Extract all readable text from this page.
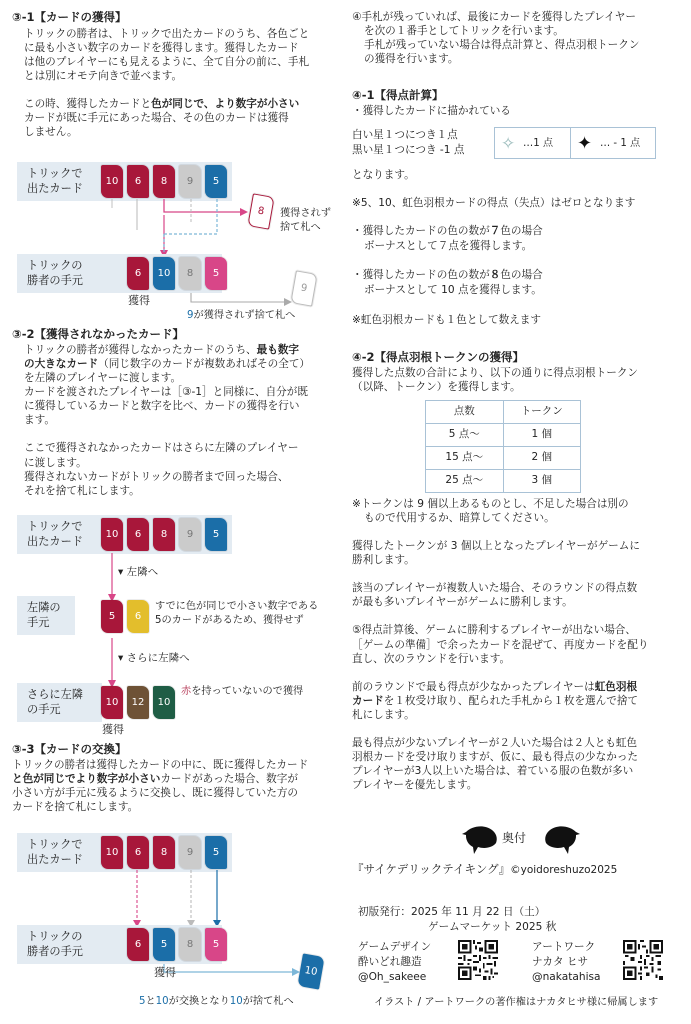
③-1【カードの獲得】
トリックの勝者は、トリックで出たカードのうち、各色ごと
に最も小さい数字のカードを獲得します。獲得したカード
は他のプレイヤーにも見えるように、全て自分の前に、手札
とは別にオモテ向きで並べます。
この時、獲得したカードと色が同じで、より数字が小さい
カードが既に手元にあった場合、その色のカードは獲得
しません。
トリックで
出たカード
10	6	8	9	5
8	獲得されず
捨て札へ
トリックの
勝者の手元
6	10	8	5
獲得
9
9が獲得されず捨て札へ
③-2【獲得されなかったカード】
トリックの勝者が獲得しなかったカードのうち、最も数字
の大きなカード（同じ数字のカードが複数あればその全て）
を左隣のプレイヤーに渡します。
カードを渡されたプレイヤーは［③-1］と同様に、自分が既
に獲得しているカードと数字を比べ、カードの獲得を行い
ます。
ここで獲得されなかったカードはさらに左隣のプレイヤー
に渡します。
獲得されないカードがトリックの勝者まで回った場合、
それを捨て札にします。
トリックで
出たカード
10	6	8	9	5
▾ 左隣へ
左隣の
手元	5	6
すでに色が同じで小さい数字である
5のカードがあるため、獲得せず
▾ さらに左隣へ
さらに左隣
の手元
10	12	10
赤を持っていないので獲得
獲得
③-3【カードの交換】
トリックの勝者は獲得したカードの中に、既に獲得したカード
と色が同じでより数字が小さいカードがあった場合、数字が
小さい方が手元に残るように交換し、既に獲得していた方の
カードを捨て札にします。
トリックで
出たカード
10	6	8	9	5
トリックの
勝者の手元
6	5	8	5
獲得	10
5と10が交換となり10が捨て札へ
④手札が残っていれば、最後にカードを獲得したプレイヤー
を次の１番手としてトリックを行います。
手札が残っていない場合は得点計算と、得点羽根トークン
の獲得を行います。
④-1【得点計算】
・獲得したカードに描かれている
白い星１つにつき１点
黒い星１つにつき -1 点 ✧ …1 点 ✦ … - 1 点
となります。
※5、10、虹色羽根カードの得点（失点）はゼロとなります
・獲得したカードの色の数が７色の場合
ボーナスとして７点を獲得します。
・獲得したカードの色の数が８色の場合
ボーナスとして 10 点を獲得します。
※虹色羽根カードも１色として数えます
④-2【得点羽根トークンの獲得】
獲得した点数の合計により、以下の通りに得点羽根トークン
（以降、トークン）を獲得します。
点数	トークン
5 点〜	1 個
15 点〜	2 個
25 点〜	3 個
※トークンは 9 個以上あるものとし、不足した場合は別の
もので代用するか、暗算してください。
獲得したトークンが 3 個以上となったプレイヤーがゲームに
勝利します。
該当のプレイヤーが複数人いた場合、そのラウンドの得点数
が最も多いプレイヤーがゲームに勝利します。
⑤得点計算後、ゲームに勝利するプレイヤーが出ない場合、
［ゲームの準備］で余ったカードを混ぜて、再度カードを配り
直し、次のラウンドを行います。
前のラウンドで最も得点が少なかったプレイヤーは虹色羽根
カードを１枚受け取り、配られた手札から１枚を選んで捨て
札にします。
最も得点が少ないプレイヤーが２人いた場合は２人とも虹色
羽根カードを受け取りますが、仮に、最も得点の少なかった
プレイヤーが3人以上いた場合は、着ている服の色数が多い
プレイヤーを優先します。
奥付
『サイケデリックテイキング』©yoidoreshuzo2025
初版発行：2025 年 11 月 22 日（土）
ゲームマーケット 2025 秋
ゲームデザイン
酔いどれ趣造
@Oh_sakeee
アートワーク
ナカタ ヒサ
@nakatahisa
イラスト / アートワークの著作権はナカタヒサ様に帰属します
